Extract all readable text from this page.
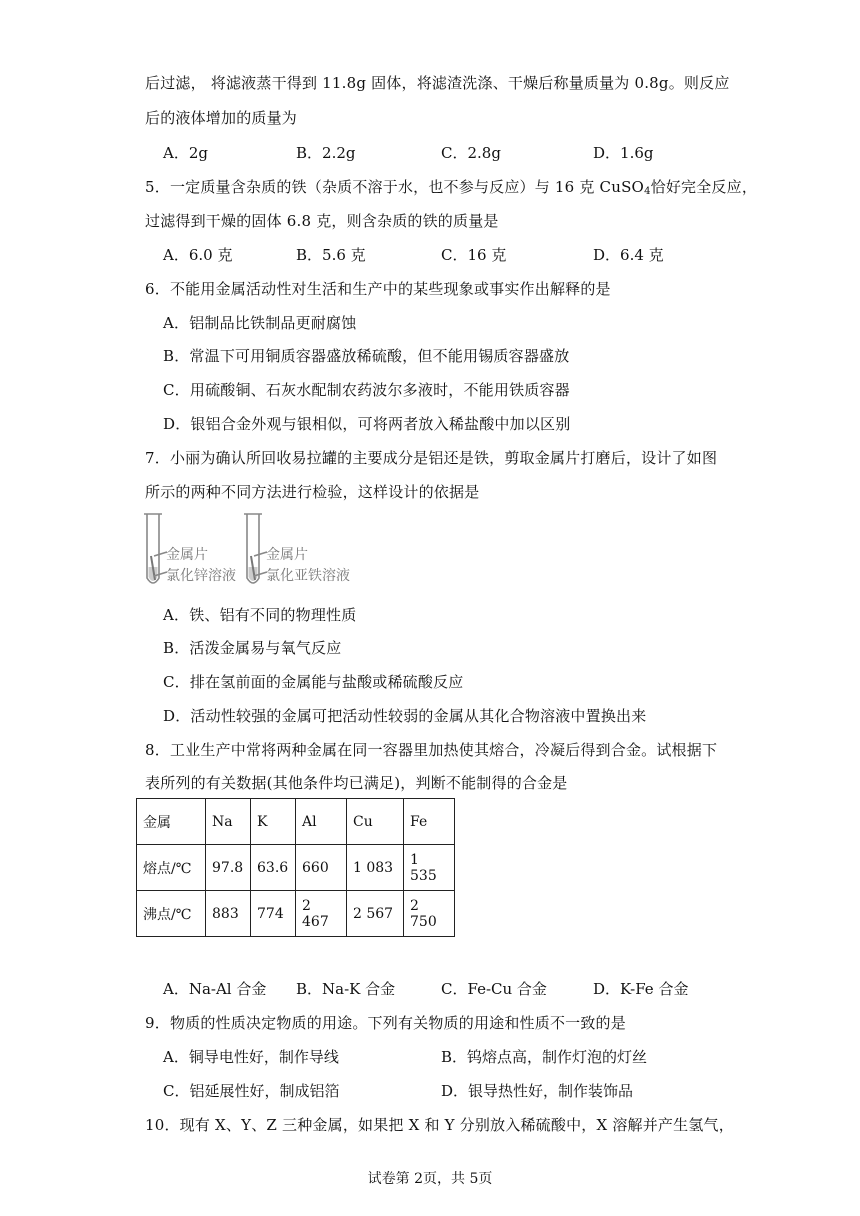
后过滤， 将滤液蒸干得到 11.8g 固体，将滤渣洗涤、干燥后称量质量为 0.8g。则反应
后的液体增加的质量为
A．2g	B．2.2g	C．2.8g	D．1.6g
5．一定质量含杂质的铁（杂质不溶于水，也不参与反应）与 16 克 CuSO$_4$恰好完全反应，
过滤得到干燥的固体 6.8 克，则含杂质的铁的质量是
A．6.0 克	B．5.6 克	C．16 克	D．6.4 克
6．不能用金属活动性对生活和生产中的某些现象或事实作出解释的是
A．铝制品比铁制品更耐腐蚀
B．常温下可用铜质容器盛放稀硫酸，但不能用锡质容器盛放
C．用硫酸铜、石灰水配制农药波尔多液时，不能用铁质容器
D．银铝合金外观与银相似，可将两者放入稀盐酸中加以区别
7．小丽为确认所回收易拉罐的主要成分是铝还是铁，剪取金属片打磨后，设计了如图
所示的两种不同方法进行检验，这样设计的依据是
金属片
氯化锌溶液
金属片
氯化亚铁溶液
A．铁、铝有不同的物理性质
B．活泼金属易与氧气反应
C．排在氢前面的金属能与盐酸或稀硫酸反应
D．活动性较强的金属可把活动性较弱的金属从其化合物溶液中置换出来
8．工业生产中常将两种金属在同一容器里加热使其熔合，冷凝后得到合金。试根据下
表所列的有关数据(其他条件均已满足)，判断不能制得的合金是
金属	Na	K	Al	Cu	Fe
熔点/℃	97.8	63.6	660	1 083	1 535
沸点/℃	883	774	2 467	2 567	2 750
A．Na-Al 合金 B．Na-K 合金	C．Fe-Cu 合金	D．K-Fe 合金
9．物质的性质决定物质的用途。下列有关物质的用途和性质不一致的是
A．铜导电性好，制作导线	B．钨熔点高，制作灯泡的灯丝
C．铝延展性好，制成铝箔	D．银导热性好，制作装饰品
10．现有 X、Y、Z 三种金属，如果把 X 和 Y 分别放入稀硫酸中，X 溶解并产生氢气，
试卷第 2页，共 5页
